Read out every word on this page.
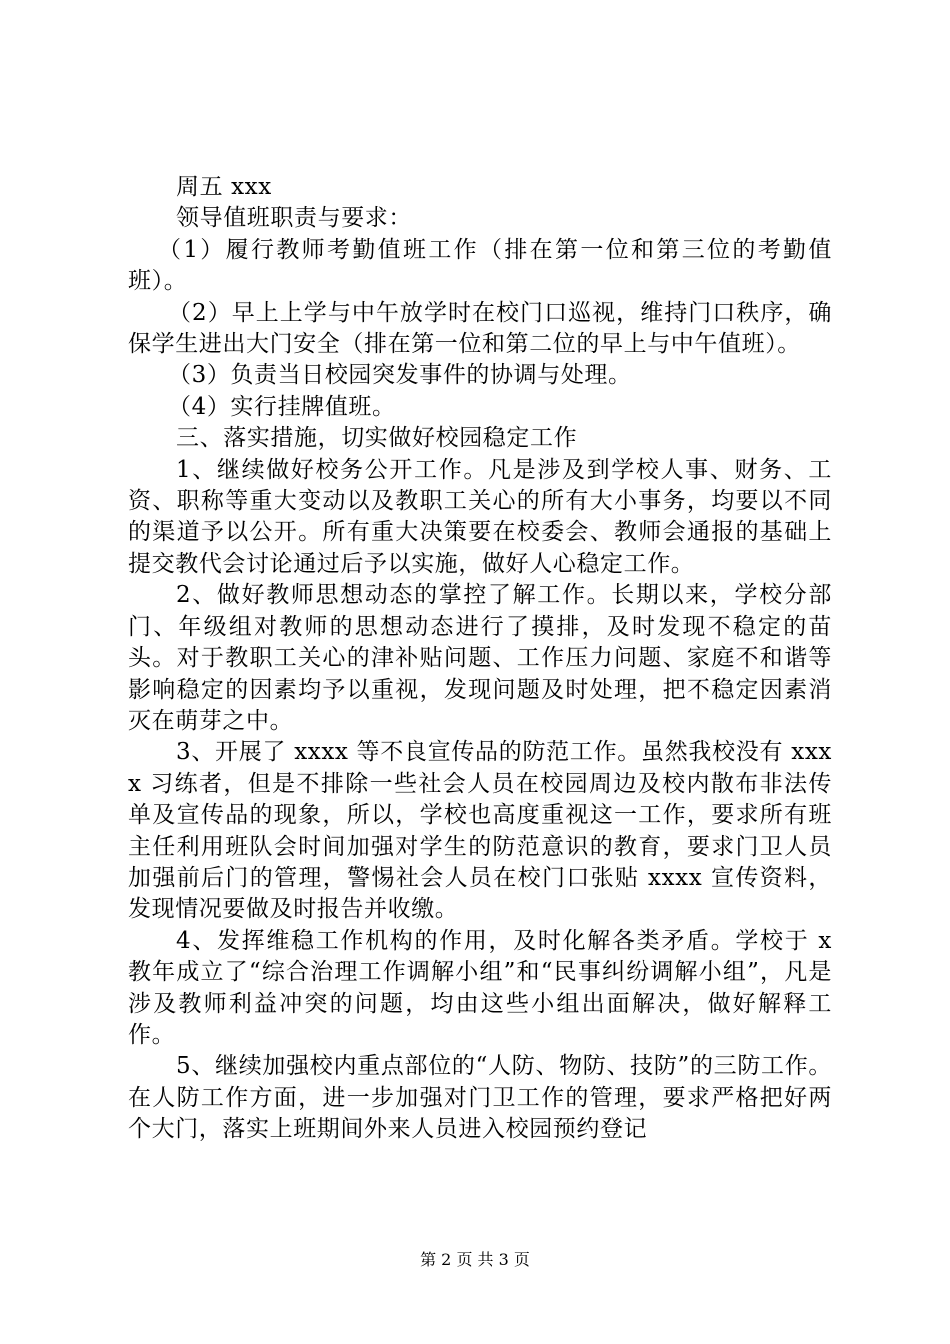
周五 xxx

领导值班职责与要求：

（1）履行教师考勤值班工作（排在第一位和第三位的考勤值班）。

（2）早上上学与中午放学时在校门口巡视，维持门口秩序，确保学生进出大门安全（排在第一位和第二位的早上与中午值班）。

（3）负责当日校园突发事件的协调与处理。

（4）实行挂牌值班。

三、落实措施，切实做好校园稳定工作

1、继续做好校务公开工作。凡是涉及到学校人事、财务、工资、职称等重大变动以及教职工关心的所有大小事务，均要以不同的渠道予以公开。所有重大决策要在校委会、教师会通报的基础上提交教代会讨论通过后予以实施，做好人心稳定工作。

2、做好教师思想动态的掌控了解工作。长期以来，学校分部门、年级组对教师的思想动态进行了摸排，及时发现不稳定的苗头。对于教职工关心的津补贴问题、工作压力问题、家庭不和谐等影响稳定的因素均予以重视，发现问题及时处理，把不稳定因素消灭在萌芽之中。

3、开展了 xxxx 等不良宣传品的防范工作。虽然我校没有 xxxx 习练者，但是不排除一些社会人员在校园周边及校内散布非法传单及宣传品的现象，所以，学校也高度重视这一工作，要求所有班主任利用班队会时间加强对学生的防范意识的教育，要求门卫人员加强前后门的管理，警惕社会人员在校门口张贴 xxxx 宣传资料，发现情况要做及时报告并收缴。

4、发挥维稳工作机构的作用，及时化解各类矛盾。学校于 x 教年成立了“综合治理工作调解小组”和“民事纠纷调解小组”，凡是涉及教师利益冲突的问题，均由这些小组出面解决，做好解释工作。

5、继续加强校内重点部位的“人防、物防、技防”的三防工作。在人防工作方面，进一步加强对门卫工作的管理，要求严格把好两个大门，落实上班期间外来人员进入校园预约登记

第 2 页 共 3 页
